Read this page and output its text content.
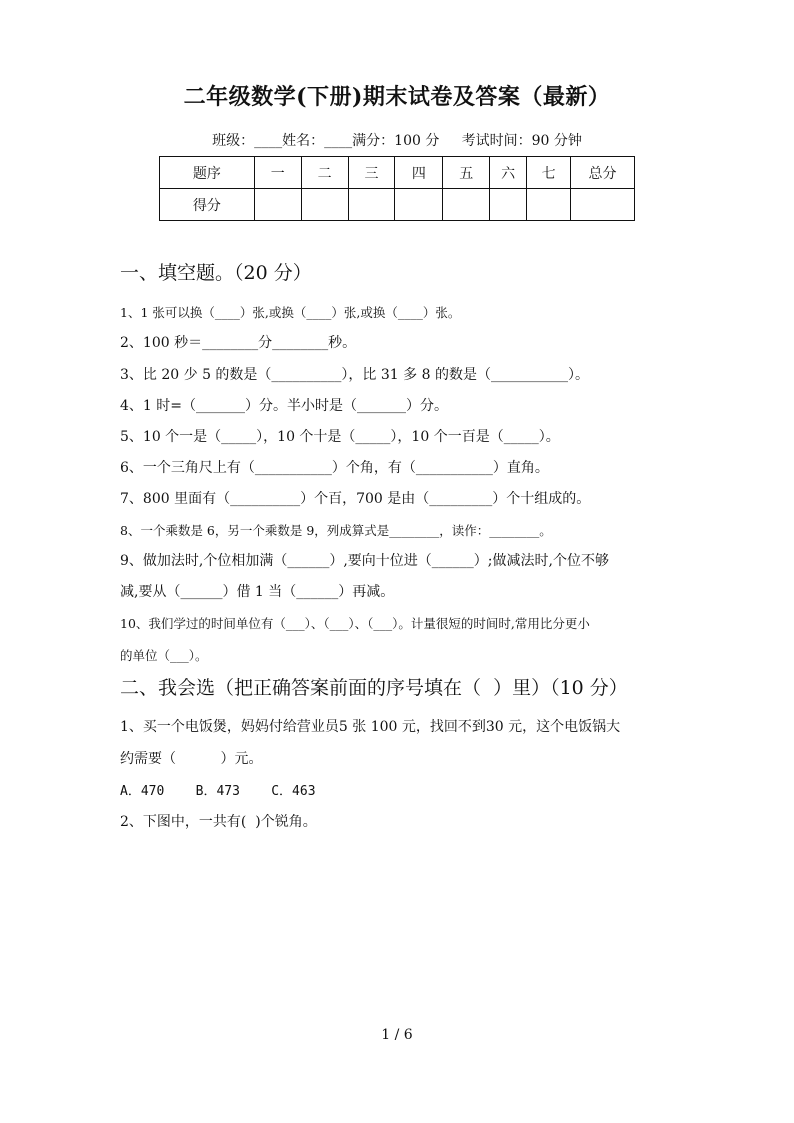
二年级数学(下册)期末试卷及答案（最新）
班级：____姓名：____满分：100 分     考试时间：90 分钟
题序	一	二	三	四	五	六	七	总分
得分								
一、填空题。（20 分）
1、1 张可以换（____）张,或换（____）张,或换（____）张。
2、100 秒＝________分________秒。
3、比 20 少 5 的数是（__________），比 31 多 8 的数是（___________）。
4、1 时=（_______）分。半小时是（_______）分。
5、10 个一是（_____），10 个十是（_____），10 个一百是（_____）。
6、一个三角尺上有（___________）个角，有（___________）直角。
7、800 里面有（__________）个百，700 是由（_________）个十组成的。
8、一个乘数是 6，另一个乘数是 9，列成算式是________，读作：________。
9、做加法时,个位相加满（______）,要向十位进（______）;做减法时,个位不够
减,要从（______）借 1 当（______）再减。
10、我们学过的时间单位有（___）、（___）、（___）。计量很短的时间时,常用比分更小
的单位（___）。
二、我会选（把正确答案前面的序号填在（  ）里）（10 分）
1、买一个电饭煲，妈妈付给营业员5 张 100 元，找回不到30 元，这个电饭锅大
约需要（          ）元。
A．470    B．473    C．463
2、下图中，一共有(  )个锐角。
1 / 6
